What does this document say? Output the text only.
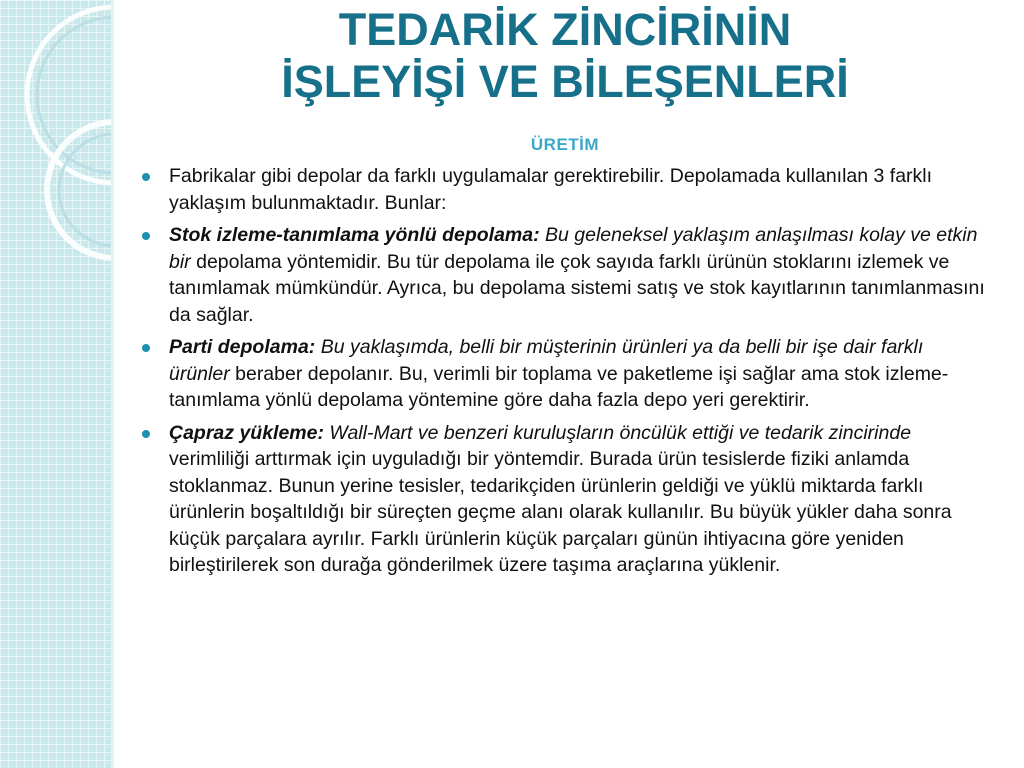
TEDARİK ZİNCİRİNİN
İŞLEYİŞİ VE BİLEŞENLERİ
ÜRETİM
Fabrikalar gibi depolar da farklı uygulamalar gerektirebilir. Depolamada kullanılan 3 farklı yaklaşım bulunmaktadır. Bunlar:
Stok izleme-tanımlama yönlü depolama: Bu geleneksel yaklaşım anlaşılması kolay ve etkin bir depolama yöntemidir. Bu tür depolama ile çok sayıda farklı ürünün stoklarını izlemek ve tanımlamak mümkündür. Ayrıca, bu depolama sistemi satış ve stok kayıtlarının tanımlanmasını da sağlar.
Parti depolama: Bu yaklaşımda, belli bir müşterinin ürünleri ya da belli bir işe dair farklı ürünler beraber depolanır. Bu, verimli bir toplama ve paketleme işi sağlar ama stok izleme-tanımlama yönlü depolama yöntemine göre daha fazla depo yeri gerektirir.
Çapraz yükleme: Wall-Mart ve benzeri kuruluşların öncülük ettiği ve tedarik zincirinde verimliliği arttırmak için uyguladığı bir yöntemdir. Burada ürün tesislerde fiziki anlamda stoklanmaz. Bunun yerine tesisler, tedarikçiden ürünlerin geldiği ve yüklü miktarda farklı ürünlerin boşaltıldığı bir süreçten geçme alanı olarak kullanılır. Bu büyük yükler daha sonra küçük parçalara ayrılır. Farklı ürünlerin küçük parçaları günün ihtiyacına göre yeniden birleştirilerek son durağa gönderilmek üzere taşıma araçlarına yüklenir.
